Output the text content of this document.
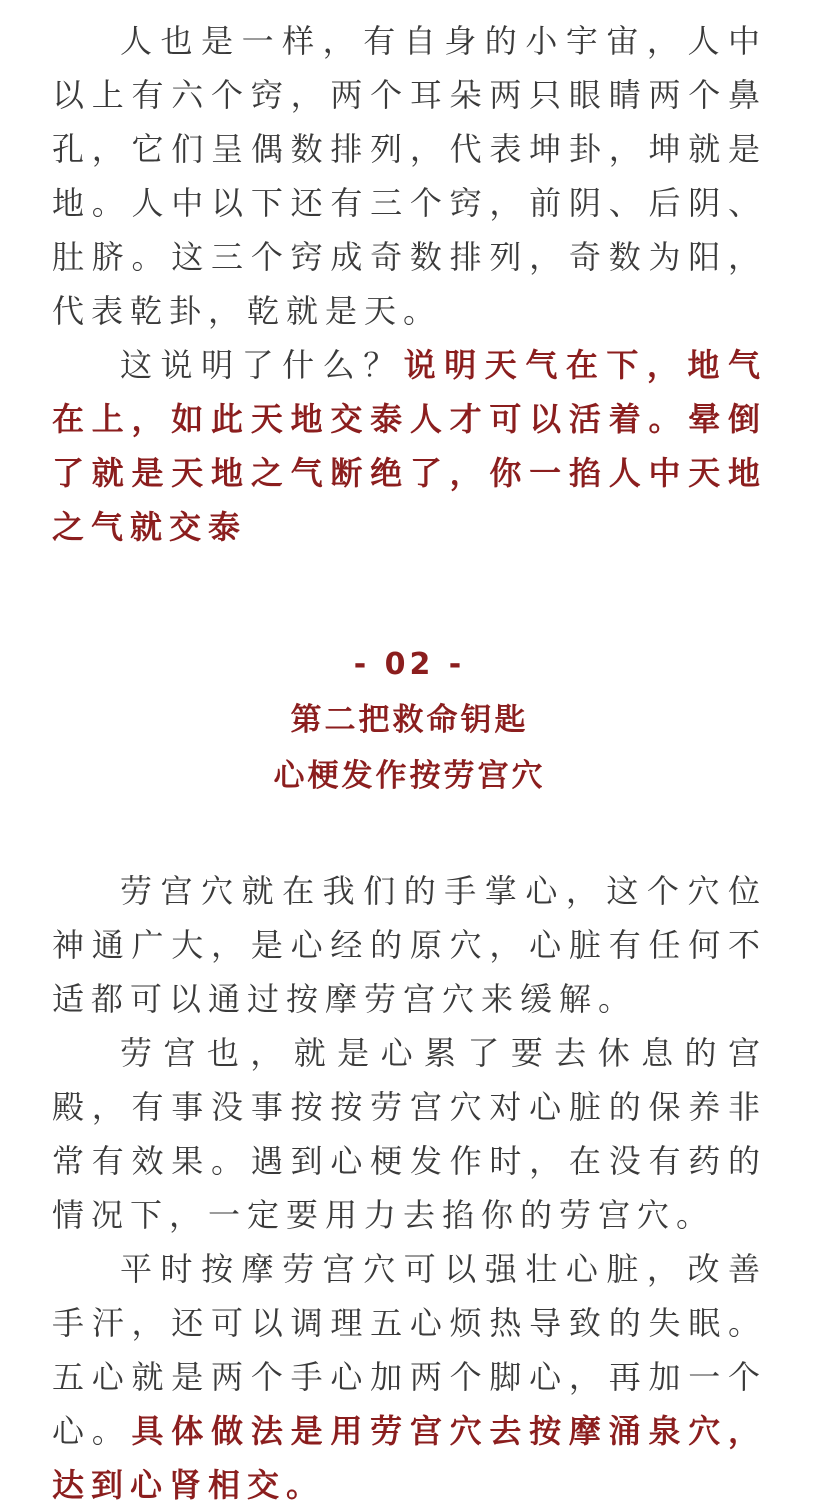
人也是一样，有自身的小宇宙，人中以上有六个窍，两个耳朵两只眼睛两个鼻孔，它们呈偶数排列，代表坤卦，坤就是地。人中以下还有三个窍，前阴、后阴、肚脐。这三个窍成奇数排列，奇数为阳，代表乾卦，乾就是天。

这说明了什么？说明天气在下，地气在上，如此天地交泰人才可以活着。晕倒了就是天地之气断绝了，你一掐人中天地之气就交泰

- 02 -

第二把救命钥匙

心梗发作按劳宫穴

劳宫穴就在我们的手掌心，这个穴位神通广大，是心经的原穴，心脏有任何不适都可以通过按摩劳宫穴来缓解。

劳宫也，就是心累了要去休息的宫殿，有事没事按按劳宫穴对心脏的保养非常有效果。遇到心梗发作时，在没有药的情况下，一定要用力去掐你的劳宫穴。

平时按摩劳宫穴可以强壮心脏，改善手汗，还可以调理五心烦热导致的失眠。五心就是两个手心加两个脚心，再加一个心。具体做法是用劳宫穴去按摩涌泉穴，达到心肾相交。
